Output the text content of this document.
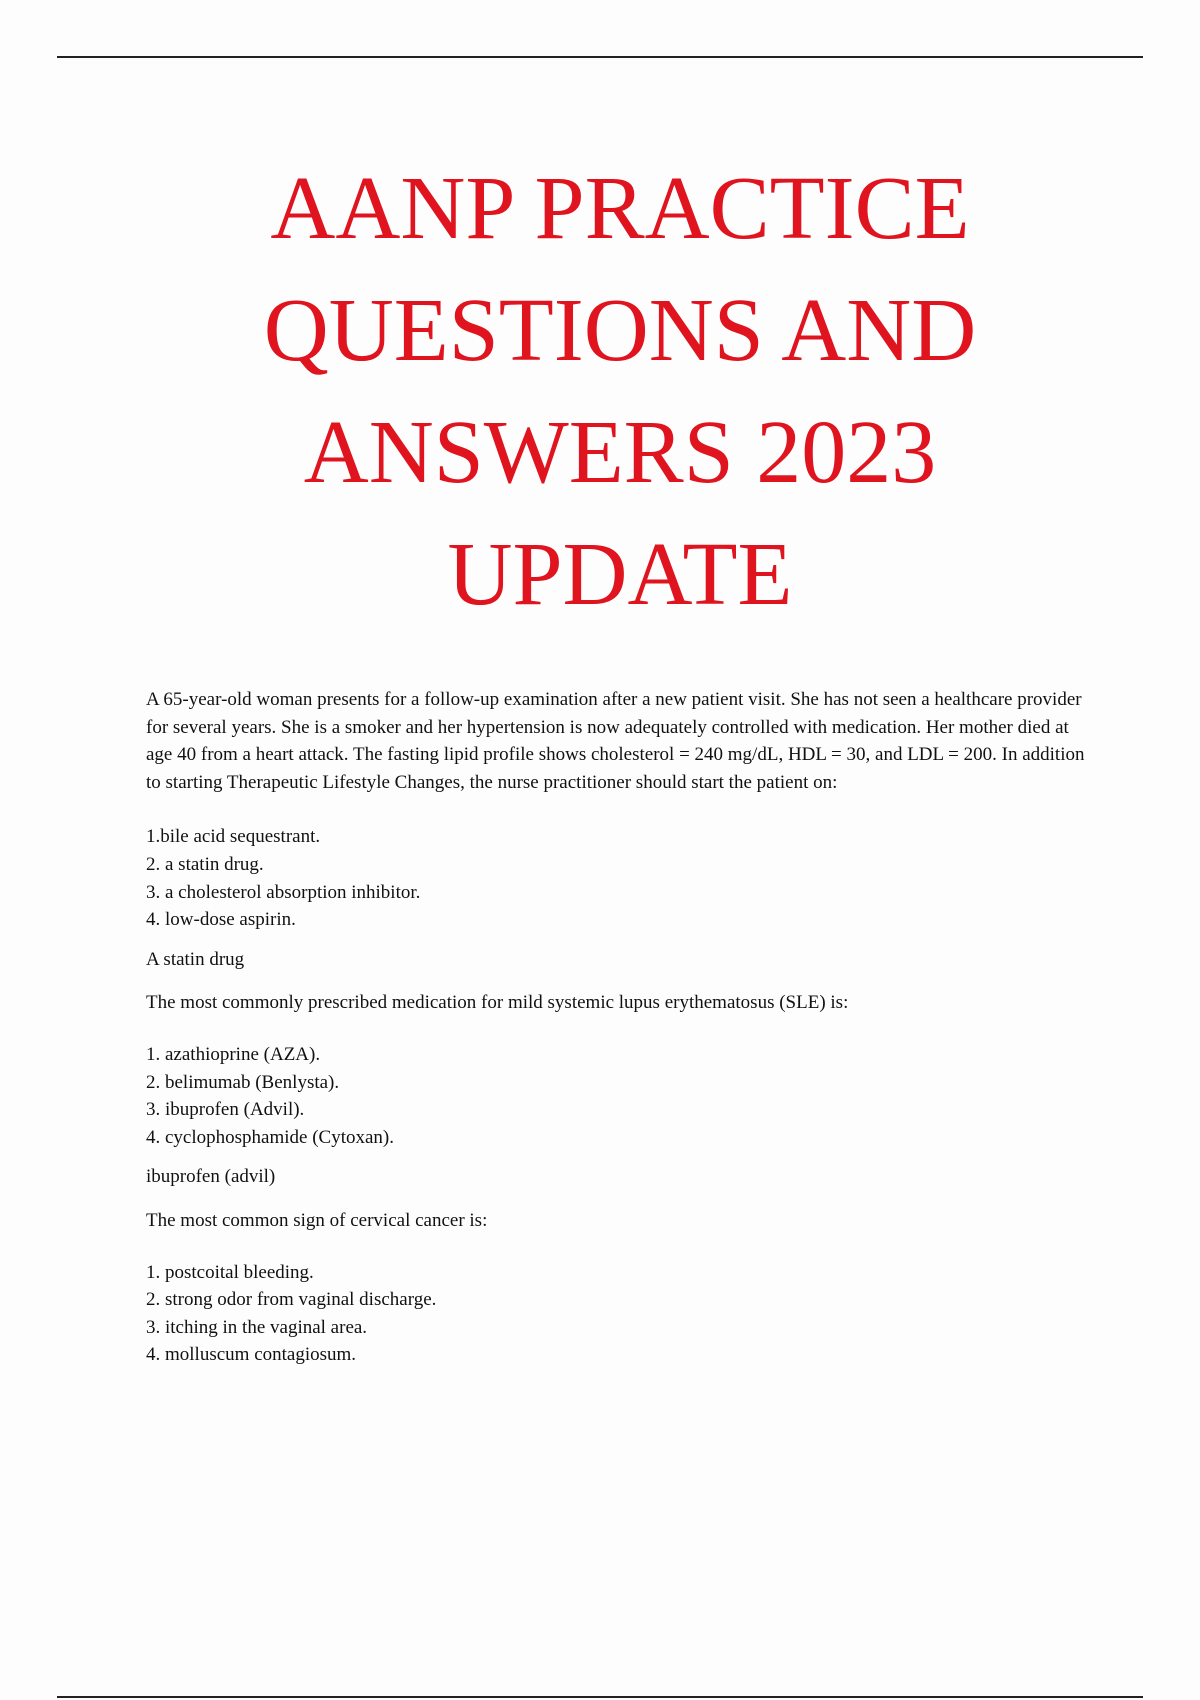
AANP PRACTICE
QUESTIONS AND
ANSWERS 2023
UPDATE

A 65-year-old woman presents for a follow-up examination after a new patient visit. She has not seen a healthcare provider for several years. She is a smoker and her hypertension is now adequately controlled with medication. Her mother died at age 40 from a heart attack. The fasting lipid profile shows cholesterol = 240 mg/dL, HDL = 30, and LDL = 200. In addition to starting Therapeutic Lifestyle Changes, the nurse practitioner should start the patient on:

1.bile acid sequestrant.
2. a statin drug.
3. a cholesterol absorption inhibitor.
4. low-dose aspirin.

A statin drug

The most commonly prescribed medication for mild systemic lupus erythematosus (SLE) is:

1. azathioprine (AZA).
2. belimumab (Benlysta).
3. ibuprofen (Advil).
4. cyclophosphamide (Cytoxan).

ibuprofen (advil)

The most common sign of cervical cancer is:

1. postcoital bleeding.
2. strong odor from vaginal discharge.
3. itching in the vaginal area.
4. molluscum contagiosum.
